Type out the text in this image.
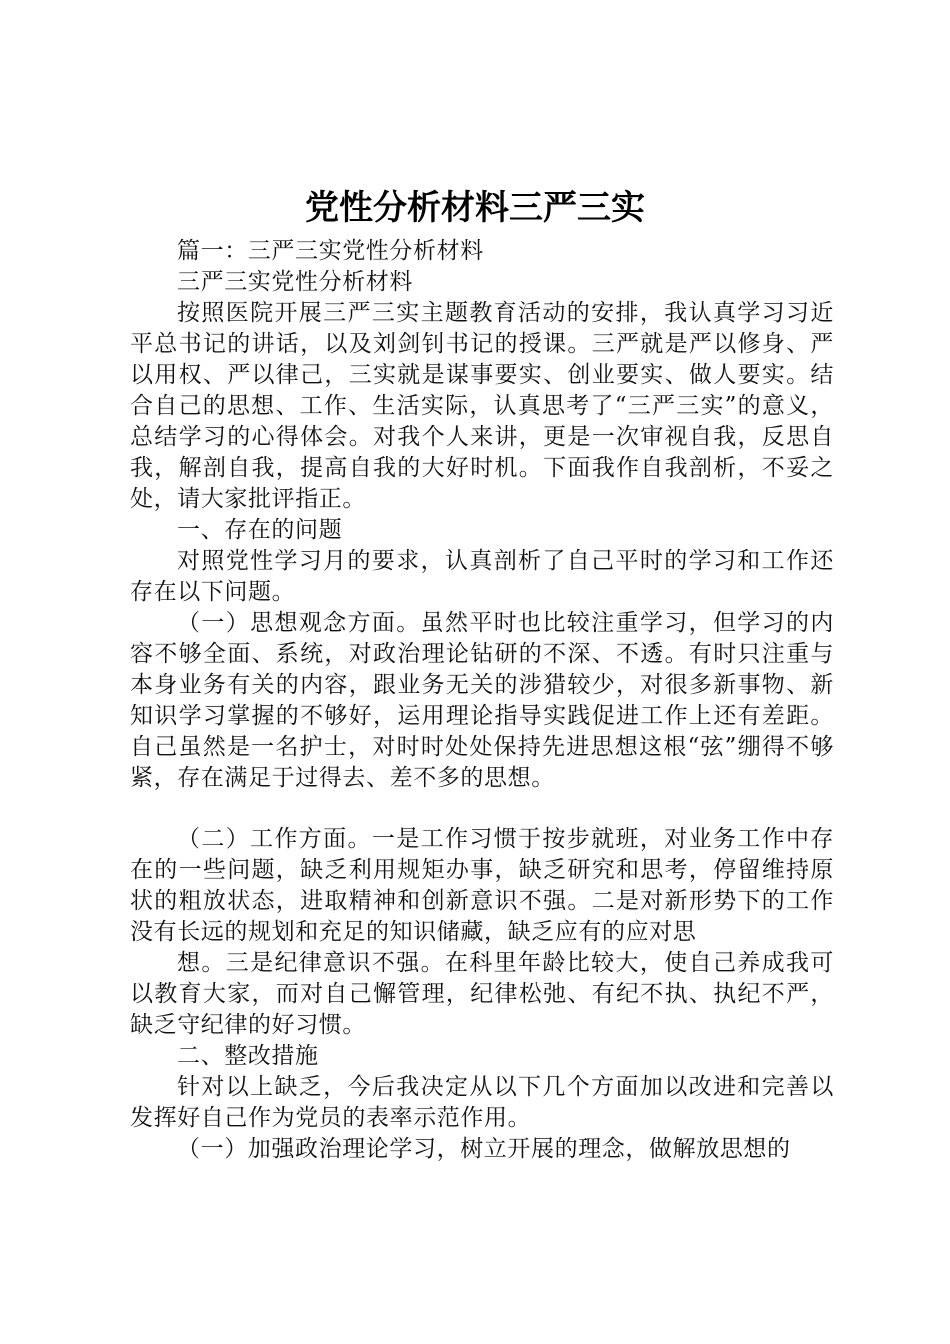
党性分析材料三严三实

篇一：三严三实党性分析材料

三严三实党性分析材料

按照医院开展三严三实主题教育活动的安排，我认真学习习近平总书记的讲话，以及刘剑钊书记的授课。三严就是严以修身、严以用权、严以律己，三实就是谋事要实、创业要实、做人要实。结合自己的思想、工作、生活实际，认真思考了“三严三实”的意义，总结学习的心得体会。对我个人来讲，更是一次审视自我，反思自我，解剖自我，提高自我的大好时机。下面我作自我剖析，不妥之处，请大家批评指正。

一、存在的问题

对照党性学习月的要求，认真剖析了自己平时的学习和工作还存在以下问题。

（一）思想观念方面。虽然平时也比较注重学习，但学习的内容不够全面、系统，对政治理论钻研的不深、不透。有时只注重与本身业务有关的内容，跟业务无关的涉猎较少，对很多新事物、新知识学习掌握的不够好，运用理论指导实践促进工作上还有差距。自己虽然是一名护士，对时时处处保持先进思想这根“弦”绷得不够紧，存在满足于过得去、差不多的思想。

（二）工作方面。一是工作习惯于按步就班，对业务工作中存在的一些问题，缺乏利用规矩办事，缺乏研究和思考，停留维持原状的粗放状态，进取精神和创新意识不强。二是对新形势下的工作没有长远的规划和充足的知识储藏，缺乏应有的应对思

想。三是纪律意识不强。在科里年龄比较大，使自己养成我可以教育大家，而对自己懈管理，纪律松弛、有纪不执、执纪不严，缺乏守纪律的好习惯。

二、整改措施

针对以上缺乏，今后我决定从以下几个方面加以改进和完善以发挥好自己作为党员的表率示范作用。

（一）加强政治理论学习，树立开展的理念，做解放思想的
